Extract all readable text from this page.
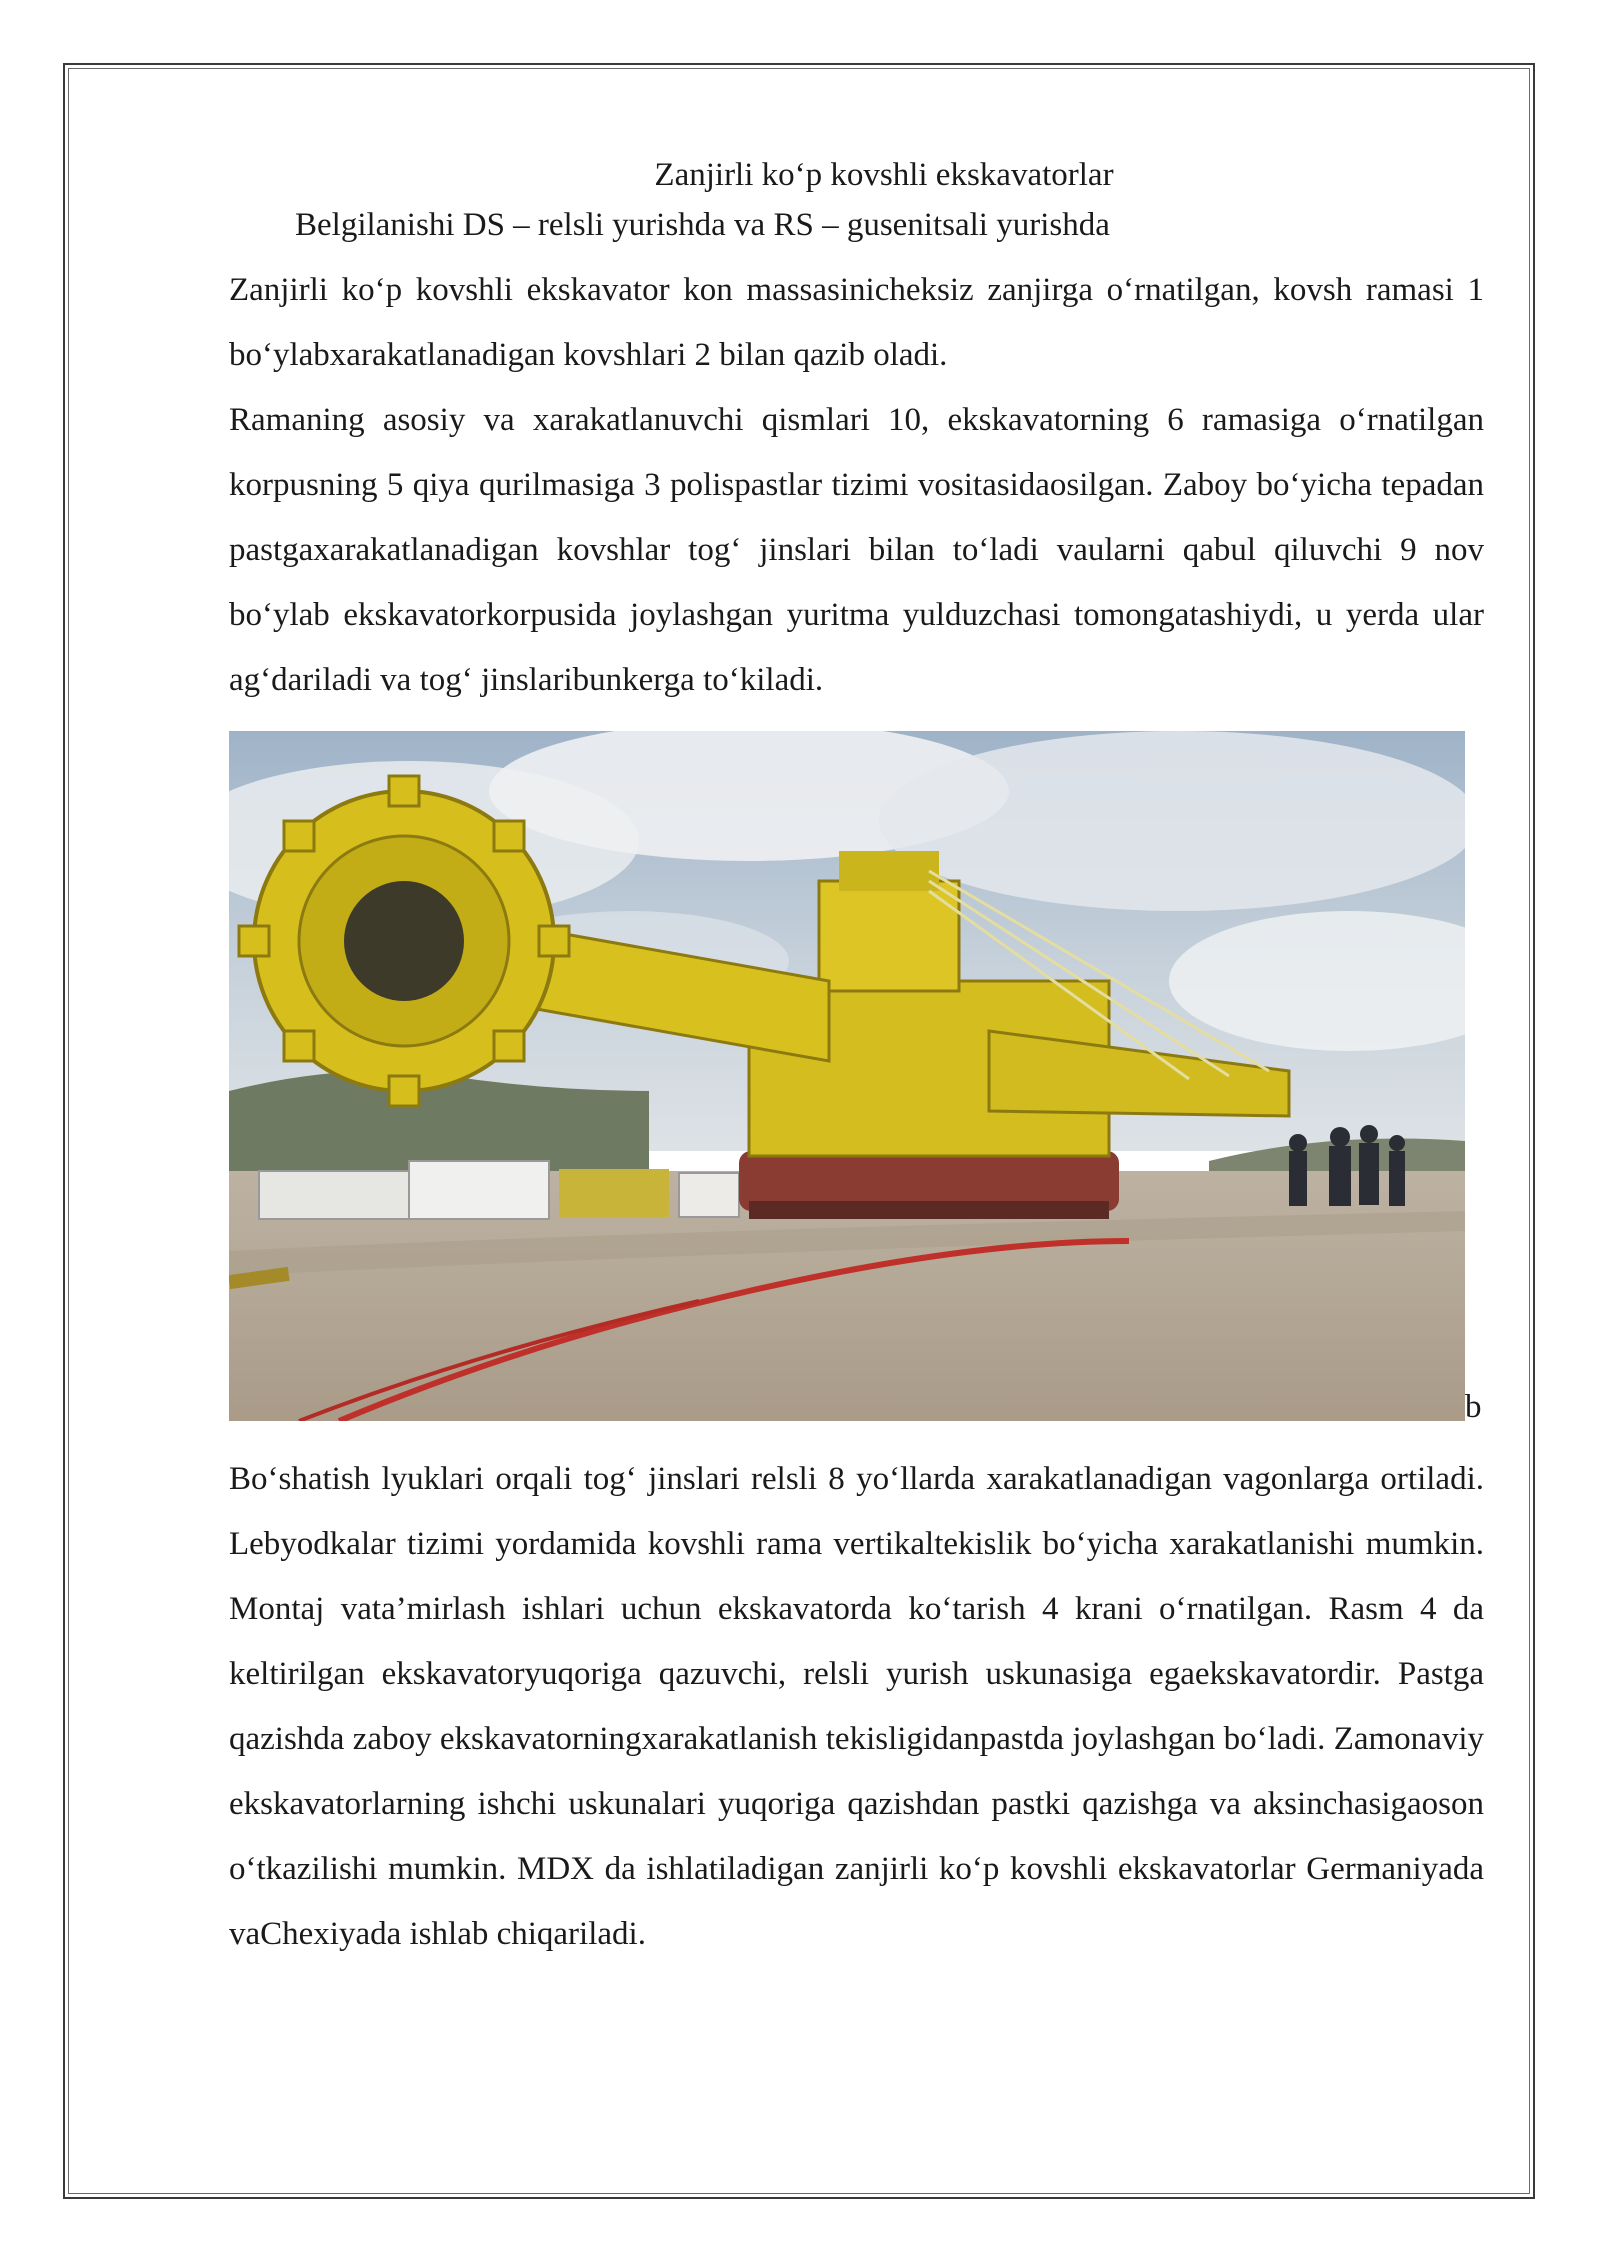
Zanjirli ko‘p kovshli ekskavatorlar

Belgilanishi DS – relsli yurishda va RS – gusenitsali yurishda

Zanjirli ko‘p kovshli ekskavator kon massasinicheksiz zanjirga o‘rnatilgan, kovsh ramasi 1 bo‘ylabxarakatlanadigan kovshlari 2 bilan qazib oladi.

Ramaning asosiy va xarakatlanuvchi qismlari 10, ekskavatorning 6 ramasiga o‘rnatilgan korpusning 5 qiya qurilmasiga 3 polispastlar tizimi vositasidaosilgan. Zaboy bo‘yicha tepadan pastgaxarakatlanadigan kovshlar tog‘ jinslari bilan to‘ladi vaularni qabul qiluvchi 9 nov bo‘ylab ekskavatorkorpusida joylashgan yuritma yulduzchasi tomongatashiydi, u yerda ular ag‘dariladi va tog‘ jinslaribunkerga to‘kiladi.

b

Bo‘shatish lyuklari orqali tog‘ jinslari relsli 8 yo‘llarda xarakatlanadigan vagonlarga ortiladi. Lebyodkalar tizimi yordamida kovshli rama vertikaltekislik bo‘yicha xarakatlanishi mumkin. Montaj vata’mirlash ishlari uchun ekskavatorda ko‘tarish 4 krani o‘rnatilgan. Rasm 4 da keltirilgan ekskavatoryuqoriga qazuvchi, relsli yurish uskunasiga egaekskavatordir. Pastga qazishda zaboy ekskavatorningxarakatlanish tekisligidanpastda joylashgan bo‘ladi. Zamonaviy ekskavatorlarning ishchi uskunalari yuqoriga qazishdan pastki qazishga va aksinchasigaoson o‘tkazilishi mumkin. MDX da ishlatiladigan zanjirli ko‘p kovshli ekskavatorlar Germaniyada vaChexiyada ishlab chiqariladi.
